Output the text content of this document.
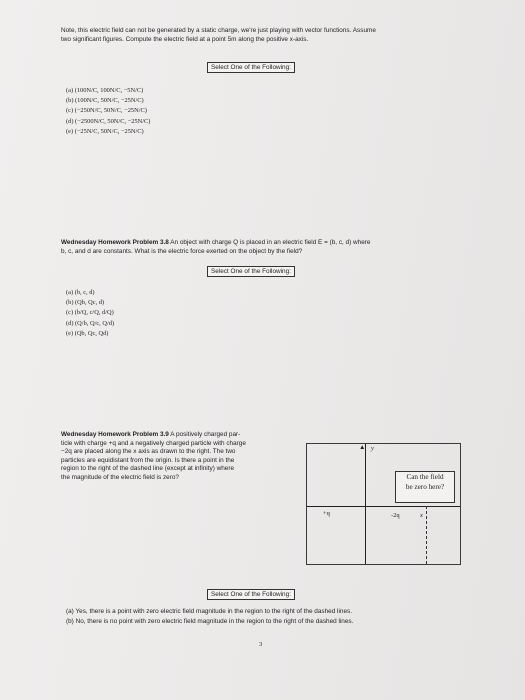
Note, this electric field can not be generated by a static charge, we're just playing with vector functions. Assume
two significant figures. Compute the electric field at a point 5m along the positive x-axis.
Select One of the Following:
(a) (100N/C, 100N/C, −5N/C)
(b) (100N/C, 50N/C, −25N/C)
(c) (−250N/C, 50N/C, −25N/C)
(d) (−2500N/C, 50N/C, −25N/C)
(e) (−25N/C, 50N/C, −25N/C)
Wednesday Homework Problem 3.8 An object with charge Q is placed in an electric field E = (b, c, d) where
b, c, and d are constants. What is the electric force exerted on the object by the field?
Select One of the Following:
(a) (b, c, d)
(b) (Qb, Qc, d)
(c) (b/Q, c/Q, d/Q)
(d) (Q/b, Q/c, Q/d)
(e) (Qb, Qc, Qd)
Wednesday Homework Problem 3.9 A positively charged par-
ticle with charge +q and a negatively charged particle with charge
−2q are placed along the x axis as drawn to the right. The two
particles are equidistant from the origin. Is there a point in the
region to the right of the dashed line (except at infinity) where
the magnitude of the electric field is zero?
▲ y
x
+q	-2q
Can the field
be zero here?
Select One of the Following:
(a) Yes, there is a point with zero electric field magnitude in the region to the right of the dashed lines.
(b) No, there is no point with zero electric field magnitude in the region to the right of the dashed lines.
3
